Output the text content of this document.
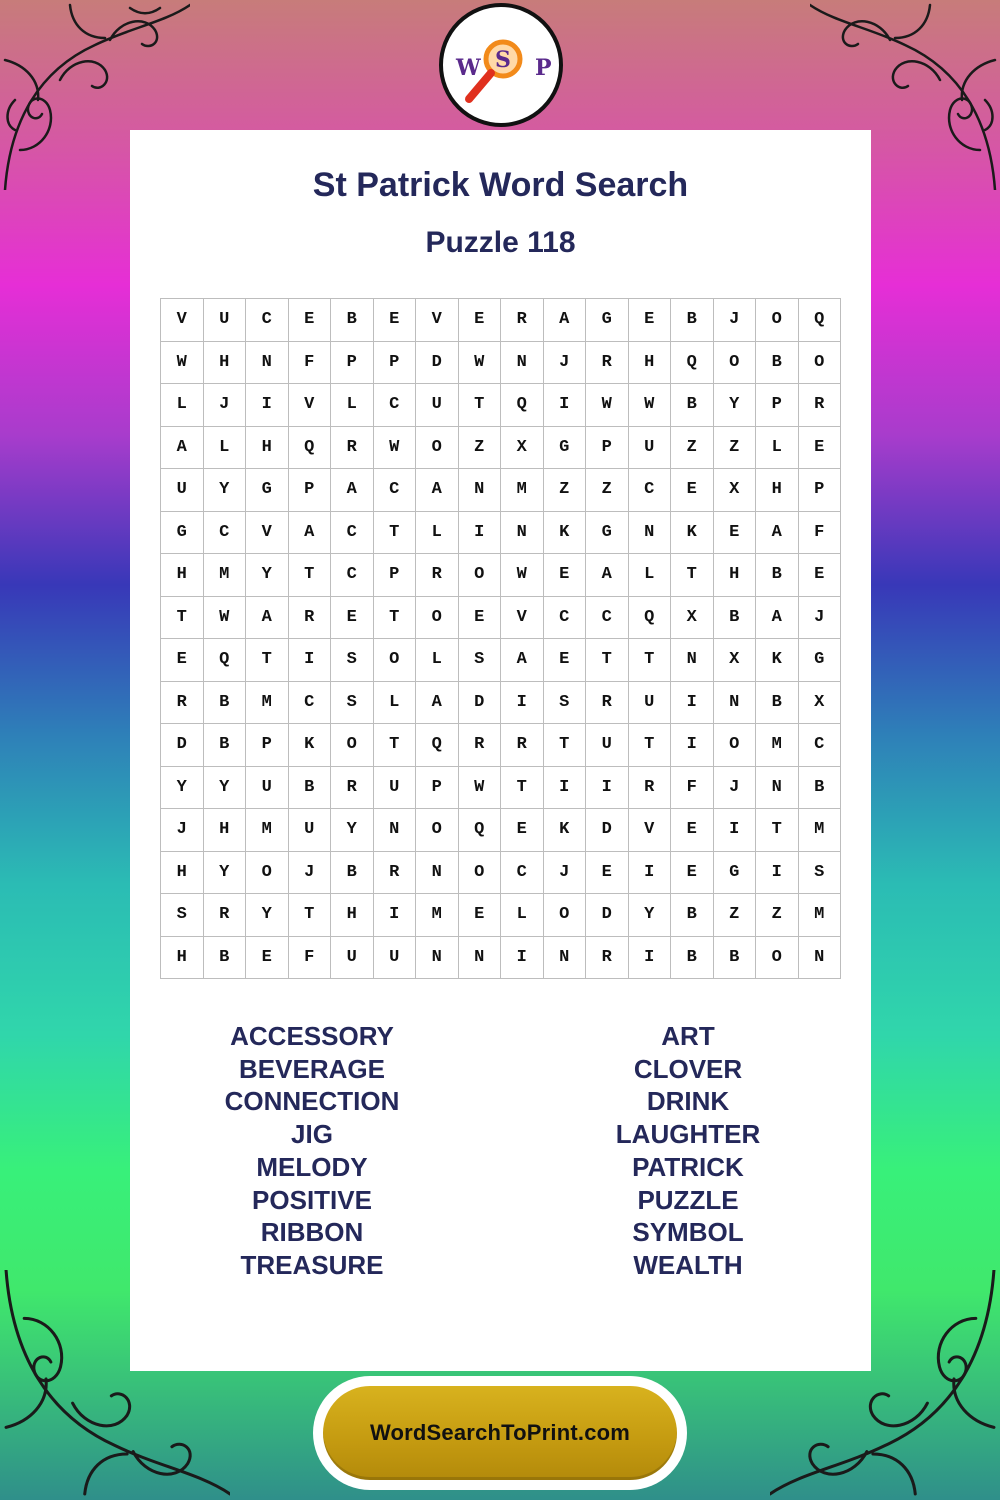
W S P
St Patrick Word Search
Puzzle 118
V	U	C	E	B	E	V	E	R	A	G	E	B	J	O	Q
W	H	N	F	P	P	D	W	N	J	R	H	Q	O	B	O
L	J	I	V	L	C	U	T	Q	I	W	W	B	Y	P	R
A	L	H	Q	R	W	O	Z	X	G	P	U	Z	Z	L	E
U	Y	G	P	A	C	A	N	M	Z	Z	C	E	X	H	P
G	C	V	A	C	T	L	I	N	K	G	N	K	E	A	F
H	M	Y	T	C	P	R	O	W	E	A	L	T	H	B	E
T	W	A	R	E	T	O	E	V	C	C	Q	X	B	A	J
E	Q	T	I	S	O	L	S	A	E	T	T	N	X	K	G
R	B	M	C	S	L	A	D	I	S	R	U	I	N	B	X
D	B	P	K	O	T	Q	R	R	T	U	T	I	O	M	C
Y	Y	U	B	R	U	P	W	T	I	I	R	F	J	N	B
J	H	M	U	Y	N	O	Q	E	K	D	V	E	I	T	M
H	Y	O	J	B	R	N	O	C	J	E	I	E	G	I	S
S	R	Y	T	H	I	M	E	L	O	D	Y	B	Z	Z	M
H	B	E	F	U	U	N	N	I	N	R	I	B	B	O	N
ACCESSORY
BEVERAGE
CONNECTION
JIG
MELODY
POSITIVE
RIBBON
TREASURE
ART
CLOVER
DRINK
LAUGHTER
PATRICK
PUZZLE
SYMBOL
WEALTH
WordSearchToPrint.com
